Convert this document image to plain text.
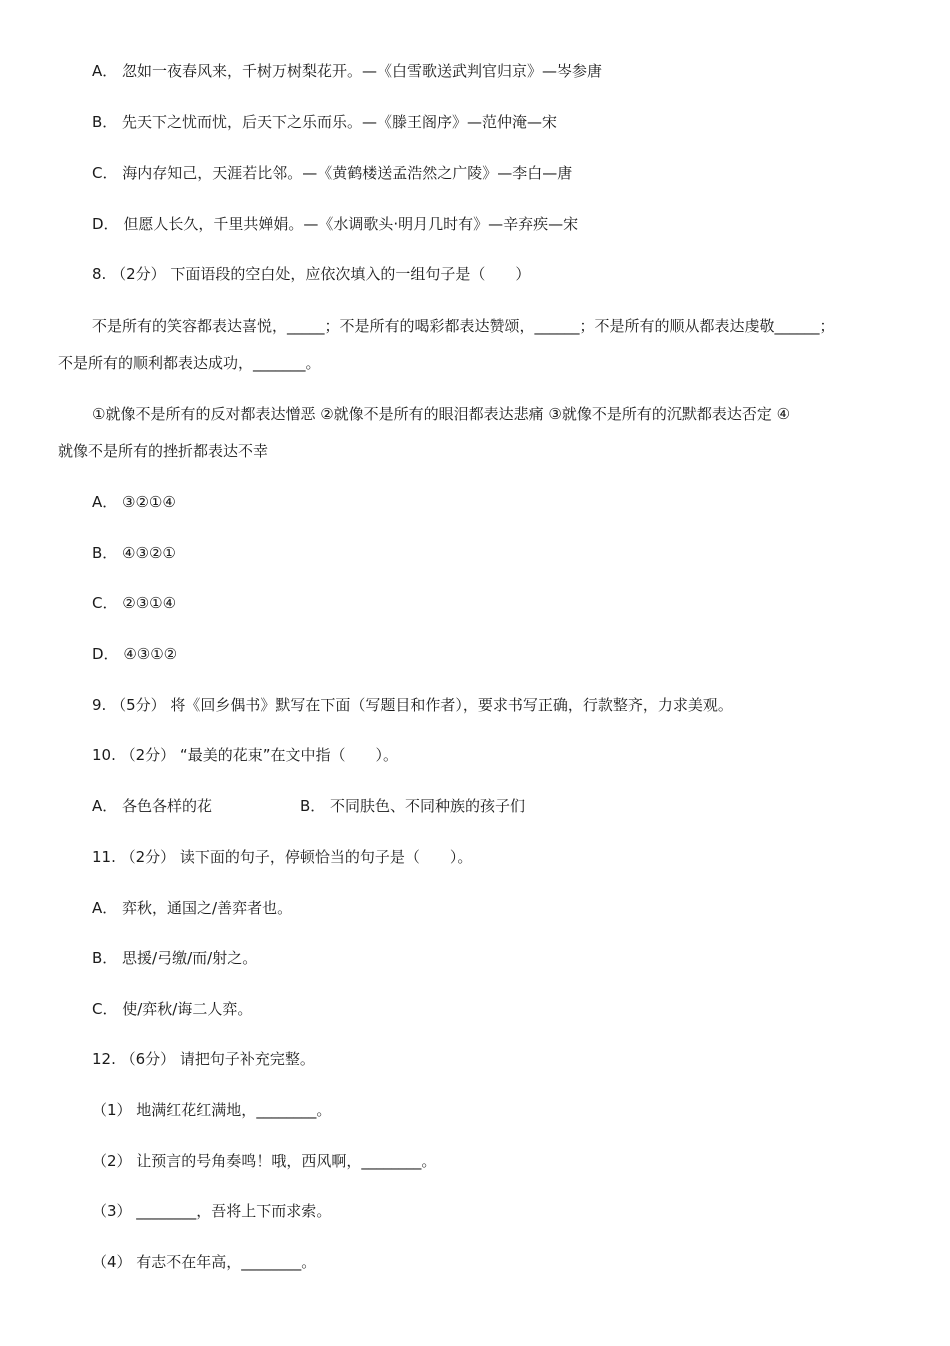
A． 忽如一夜春风来，千树万树梨花开。—《白雪歌送武判官归京》—岑参唐
B． 先天下之忧而忧，后天下之乐而乐。—《滕王阁序》—范仲淹—宋
C． 海内存知己，天涯若比邻。—《黄鹤楼送孟浩然之广陵》—李白—唐
D． 但愿人长久，千里共婵娟。—《水调歌头·明月几时有》—辛弃疾—宋
8. （2分） 下面语段的空白处，应依次填入的一组句子是（　　）
不是所有的笑容都表达喜悦，_____；不是所有的喝彩都表达赞颂，______；不是所有的顺从都表达虔敬______；
不是所有的顺利都表达成功，_______。
①就像不是所有的反对都表达憎恶 ②就像不是所有的眼泪都表达悲痛 ③就像不是所有的沉默都表达否定 ④
就像不是所有的挫折都表达不幸
A． ③②①④
B． ④③②①
C． ②③①④
D． ④③①②
9. （5分） 将《回乡偶书》默写在下面（写题目和作者），要求书写正确，行款整齐，力求美观。
10. （2分） “最美的花束”在文中指（　　）。
A． 各色各样的花	B． 不同肤色、不同种族的孩子们
11. （2分） 读下面的句子，停顿恰当的句子是（　　）。
A． 弈秋，通国之/善弈者也。
B． 思援/弓缴/而/射之。
C． 使/弈秋/诲二人弈。
12. （6分） 请把句子补充完整。
（1） 地满红花红满地，________。
（2） 让预言的号角奏鸣！哦，西风啊，________。
（3） ________，吾将上下而求索。
（4） 有志不在年高，________。
